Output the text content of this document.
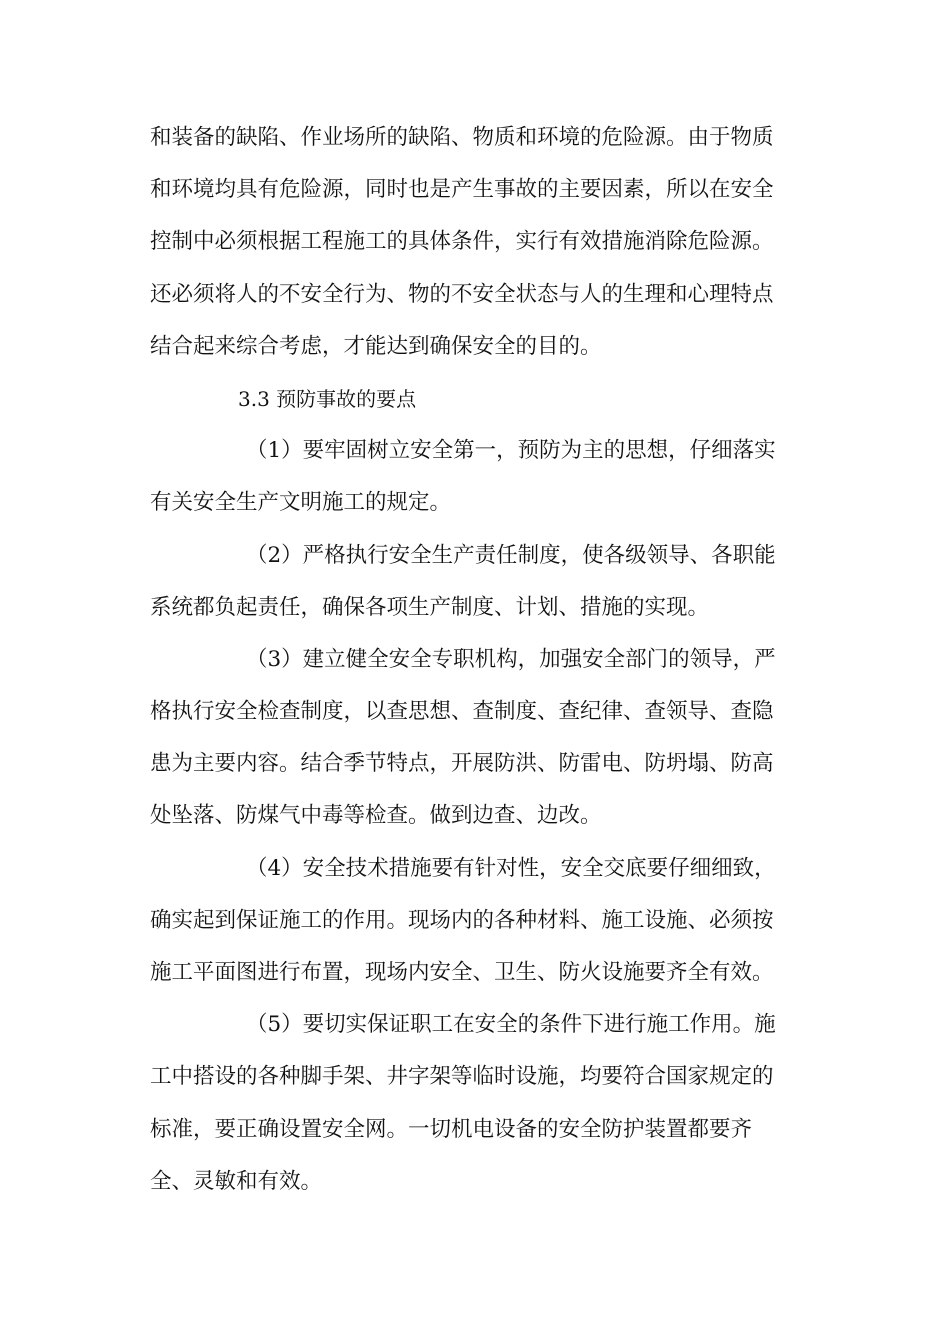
和装备的缺陷、作业场所的缺陷、物质和环境的危险源。由于物质
和环境均具有危险源，同时也是产生事故的主要因素，所以在安全
控制中必须根据工程施工的具体条件，实行有效措施消除危险源。
还必须将人的不安全行为、物的不安全状态与人的生理和心理特点
结合起来综合考虑，才能达到确保安全的目的。
3.3 预防事故的要点
（1）要牢固树立安全第一，预防为主的思想，仔细落实
有关安全生产文明施工的规定。
（2）严格执行安全生产责任制度，使各级领导、各职能
系统都负起责任，确保各项生产制度、计划、措施的实现。
（3）建立健全安全专职机构，加强安全部门的领导，严
格执行安全检查制度，以查思想、查制度、查纪律、查领导、查隐
患为主要内容。结合季节特点，开展防洪、防雷电、防坍塌、防高
处坠落、防煤气中毒等检查。做到边查、边改。
（4）安全技术措施要有针对性，安全交底要仔细细致，
确实起到保证施工的作用。现场内的各种材料、施工设施、必须按
施工平面图进行布置，现场内安全、卫生、防火设施要齐全有效。
（5）要切实保证职工在安全的条件下进行施工作用。施
工中搭设的各种脚手架、井字架等临时设施，均要符合国家规定的
标准，要正确设置安全网。一切机电设备的安全防护装置都要齐
全、灵敏和有效。
